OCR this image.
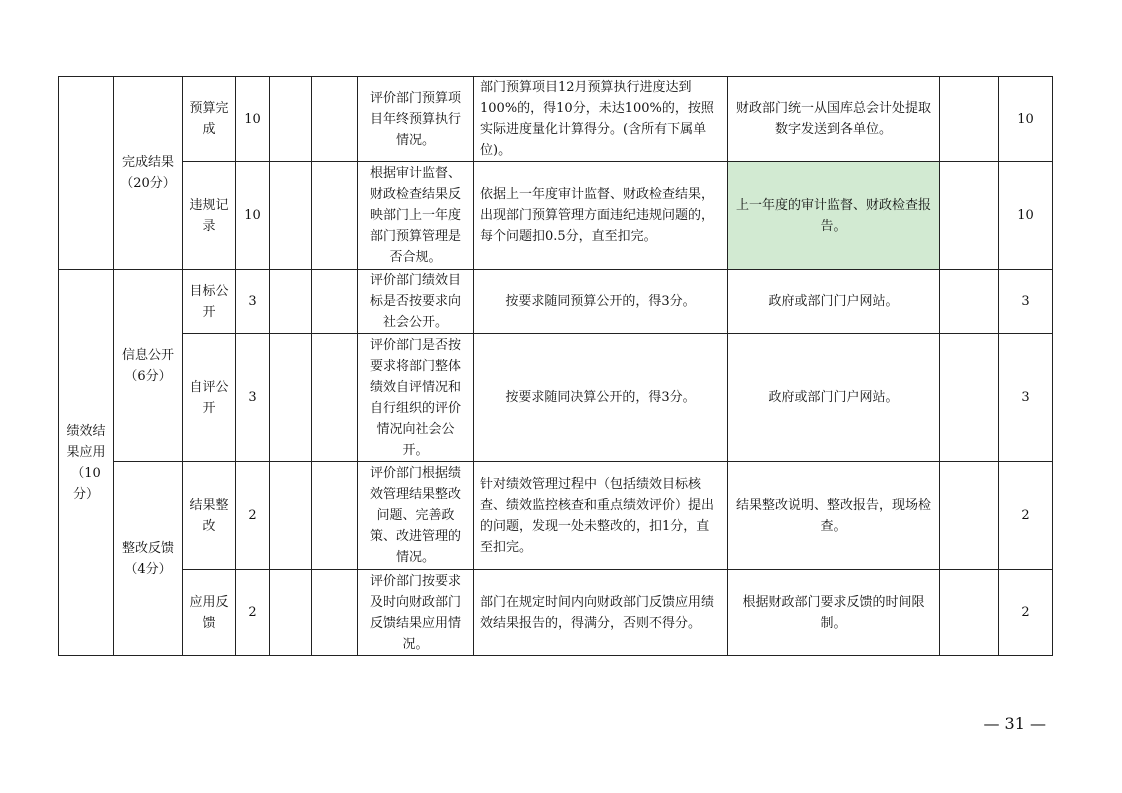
	完成结果（20分）	预算完成	10			评价部门预算项目年终预算执行情况。	部门预算项目12月预算执行进度达到100%的，得10分，未达100%的，按照实际进度量化计算得分。(含所有下属单位)。	财政部门统一从国库总会计处提取数字发送到各单位。		10
		违规记录	10			根据审计监督、财政检查结果反映部门上一年度部门预算管理是否合规。	依据上一年度审计监督、财政检查结果，出现部门预算管理方面违纪违规问题的，每个问题扣0.5分，直至扣完。	上一年度的审计监督、财政检查报告。		10
绩效结果应用（10分）	信息公开（6分）	目标公开	3			评价部门绩效目标是否按要求向社会公开。	按要求随同预算公开的，得3分。	政府或部门门户网站。		3
		自评公开	3			评价部门是否按要求将部门整体绩效自评情况和自行组织的评价情况向社会公开。	按要求随同决算公开的，得3分。	政府或部门门户网站。		3
	整改反馈（4分）	结果整改	2			评价部门根据绩效管理结果整改问题、完善政策、改进管理的情况。	针对绩效管理过程中（包括绩效目标核查、绩效监控核查和重点绩效评价）提出的问题，发现一处未整改的，扣1分，直至扣完。	结果整改说明、整改报告，现场检查。		2
		应用反馈	2			评价部门按要求及时向财政部门反馈结果应用情况。	部门在规定时间内向财政部门反馈应用绩效结果报告的，得满分，否则不得分。	根据财政部门要求反馈的时间限制。		2
— 31 —
